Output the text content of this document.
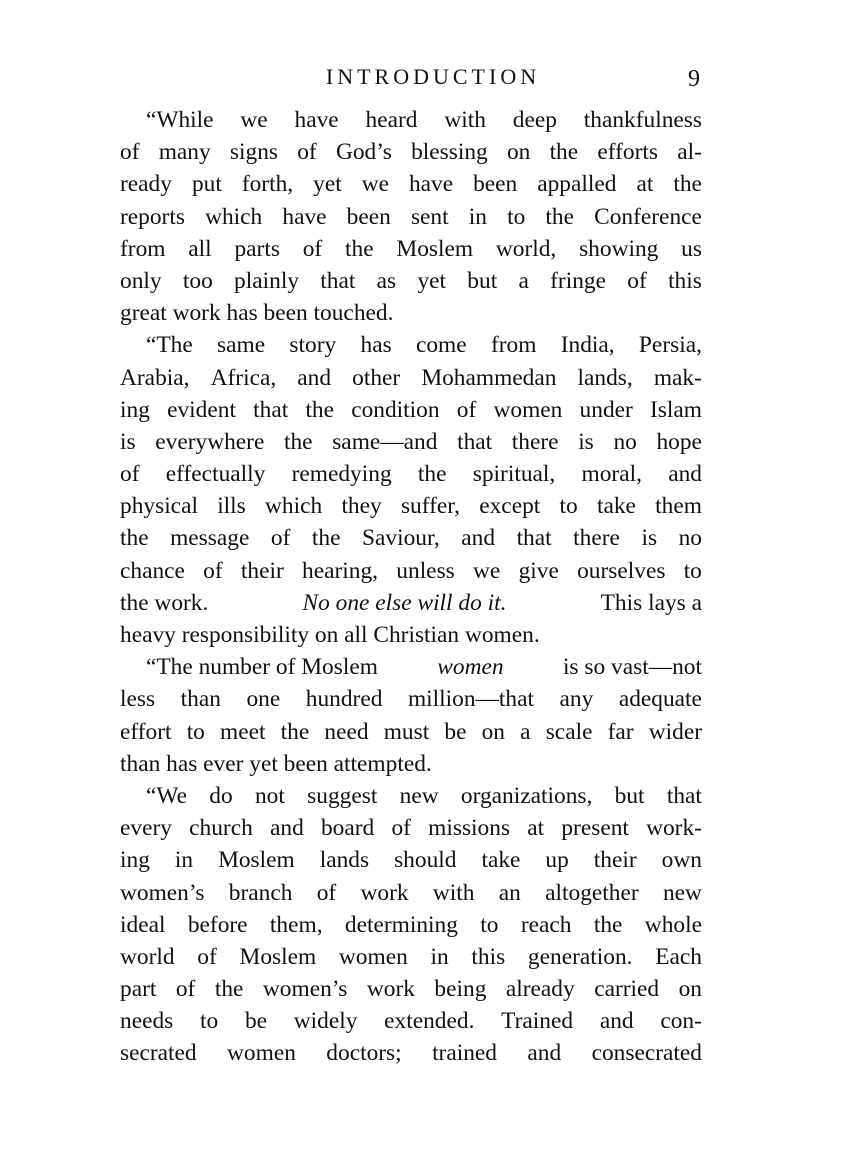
INTRODUCTION	9
“While we have heard with deep thankfulness
of many signs of God’s blessing on the efforts al-
ready put forth, yet we have been appalled at the
reports which have been sent in to the Conference
from all parts of the Moslem world, showing us
only too plainly that as yet but a fringe of this
great work has been touched.
“The same story has come from India, Persia,
Arabia, Africa, and other Mohammedan lands, mak-
ing evident that the condition of women under Islam
is everywhere the same—and that there is no hope
of effectually remedying the spiritual, moral, and
physical ills which they suffer, except to take them
the message of the Saviour, and that there is no
chance of their hearing, unless we give ourselves to
the work.	No one else will do it.	This lays a
heavy responsibility on all Christian women.
“The number of Moslem	women	is so vast—not
less than one hundred million—that any adequate
effort to meet the need must be on a scale far wider
than has ever yet been attempted.
“We do not suggest new organizations, but that
every church and board of missions at present work-
ing in Moslem lands should take up their own
women’s branch of work with an altogether new
ideal before them, determining to reach the whole
world of Moslem women in this generation. Each
part of the women’s work being already carried on
needs to be widely extended. Trained and con-
secrated women doctors; trained and consecrated
